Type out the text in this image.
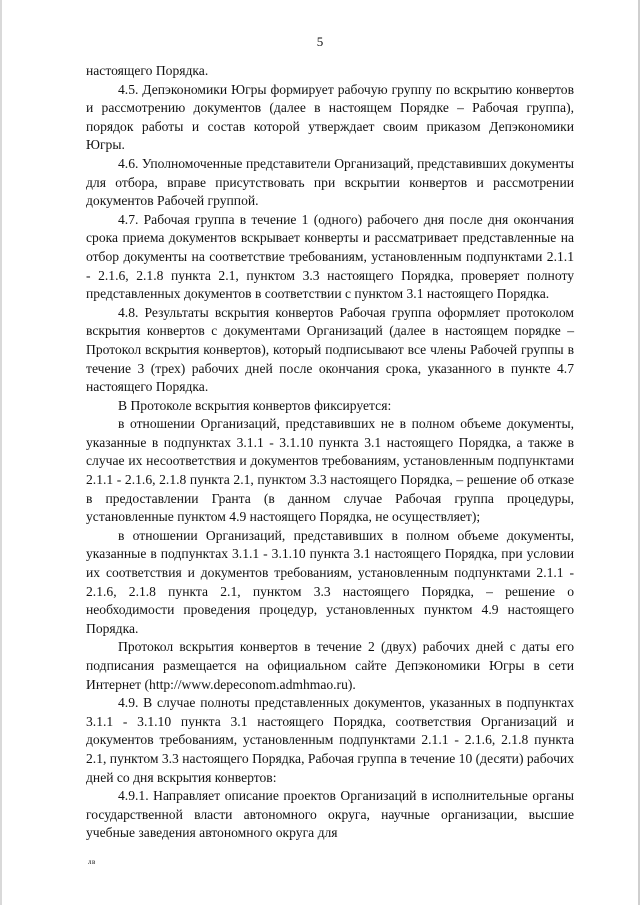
5

настоящего Порядка.

4.5. Депэкономики Югры формирует рабочую группу по вскрытию конвертов и рассмотрению документов (далее в настоящем Порядке – Рабочая группа), порядок работы и состав которой утверждает своим приказом Депэкономики Югры.

4.6. Уполномоченные представители Организаций, представивших документы для отбора, вправе присутствовать при вскрытии конвертов и рассмотрении документов Рабочей группой.

4.7. Рабочая группа в течение 1 (одного) рабочего дня после дня окончания срока приема документов вскрывает конверты и рассматривает представленные на отбор документы на соответствие требованиям, установленным подпунктами 2.1.1 - 2.1.6, 2.1.8 пункта 2.1, пунктом 3.3 настоящего Порядка, проверяет полноту представленных документов в соответствии с пунктом 3.1 настоящего Порядка.

4.8. Результаты вскрытия конвертов Рабочая группа оформляет протоколом вскрытия конвертов с документами Организаций (далее в настоящем порядке – Протокол вскрытия конвертов), который подписывают все члены Рабочей группы в течение 3 (трех) рабочих дней после окончания срока, указанного в пункте 4.7 настоящего Порядка.

В Протоколе вскрытия конвертов фиксируется:

в отношении Организаций, представивших не в полном объеме документы, указанные в подпунктах 3.1.1 - 3.1.10 пункта 3.1 настоящего Порядка, а также в случае их несоответствия и документов требованиям, установленным подпунктами 2.1.1 - 2.1.6, 2.1.8 пункта 2.1, пунктом 3.3 настоящего Порядка, – решение об отказе в предоставлении Гранта (в данном случае Рабочая группа процедуры, установленные пунктом 4.9 настоящего Порядка, не осуществляет);

в отношении Организаций, представивших в полном объеме документы, указанные в подпунктах 3.1.1 - 3.1.10 пункта 3.1 настоящего Порядка, при условии их соответствия и документов требованиям, установленным подпунктами 2.1.1 - 2.1.6, 2.1.8 пункта 2.1, пунктом 3.3 настоящего Порядка, – решение о необходимости проведения процедур, установленных пунктом 4.9 настоящего Порядка.

Протокол вскрытия конвертов в течение 2 (двух) рабочих дней с даты его подписания размещается на официальном сайте Депэкономики Югры в сети Интернет (http://www.depeconom.admhmao.ru).

4.9. В случае полноты представленных документов, указанных в подпунктах 3.1.1 - 3.1.10 пункта 3.1 настоящего Порядка, соответствия Организаций и документов требованиям, установленным подпунктами 2.1.1 - 2.1.6, 2.1.8 пункта 2.1, пунктом 3.3 настоящего Порядка, Рабочая группа в течение 10 (десяти) рабочих дней со дня вскрытия конвертов:

4.9.1. Направляет описание проектов Организаций в исполнительные органы государственной власти автономного округа, научные организации, высшие учебные заведения автономного округа для

лв
